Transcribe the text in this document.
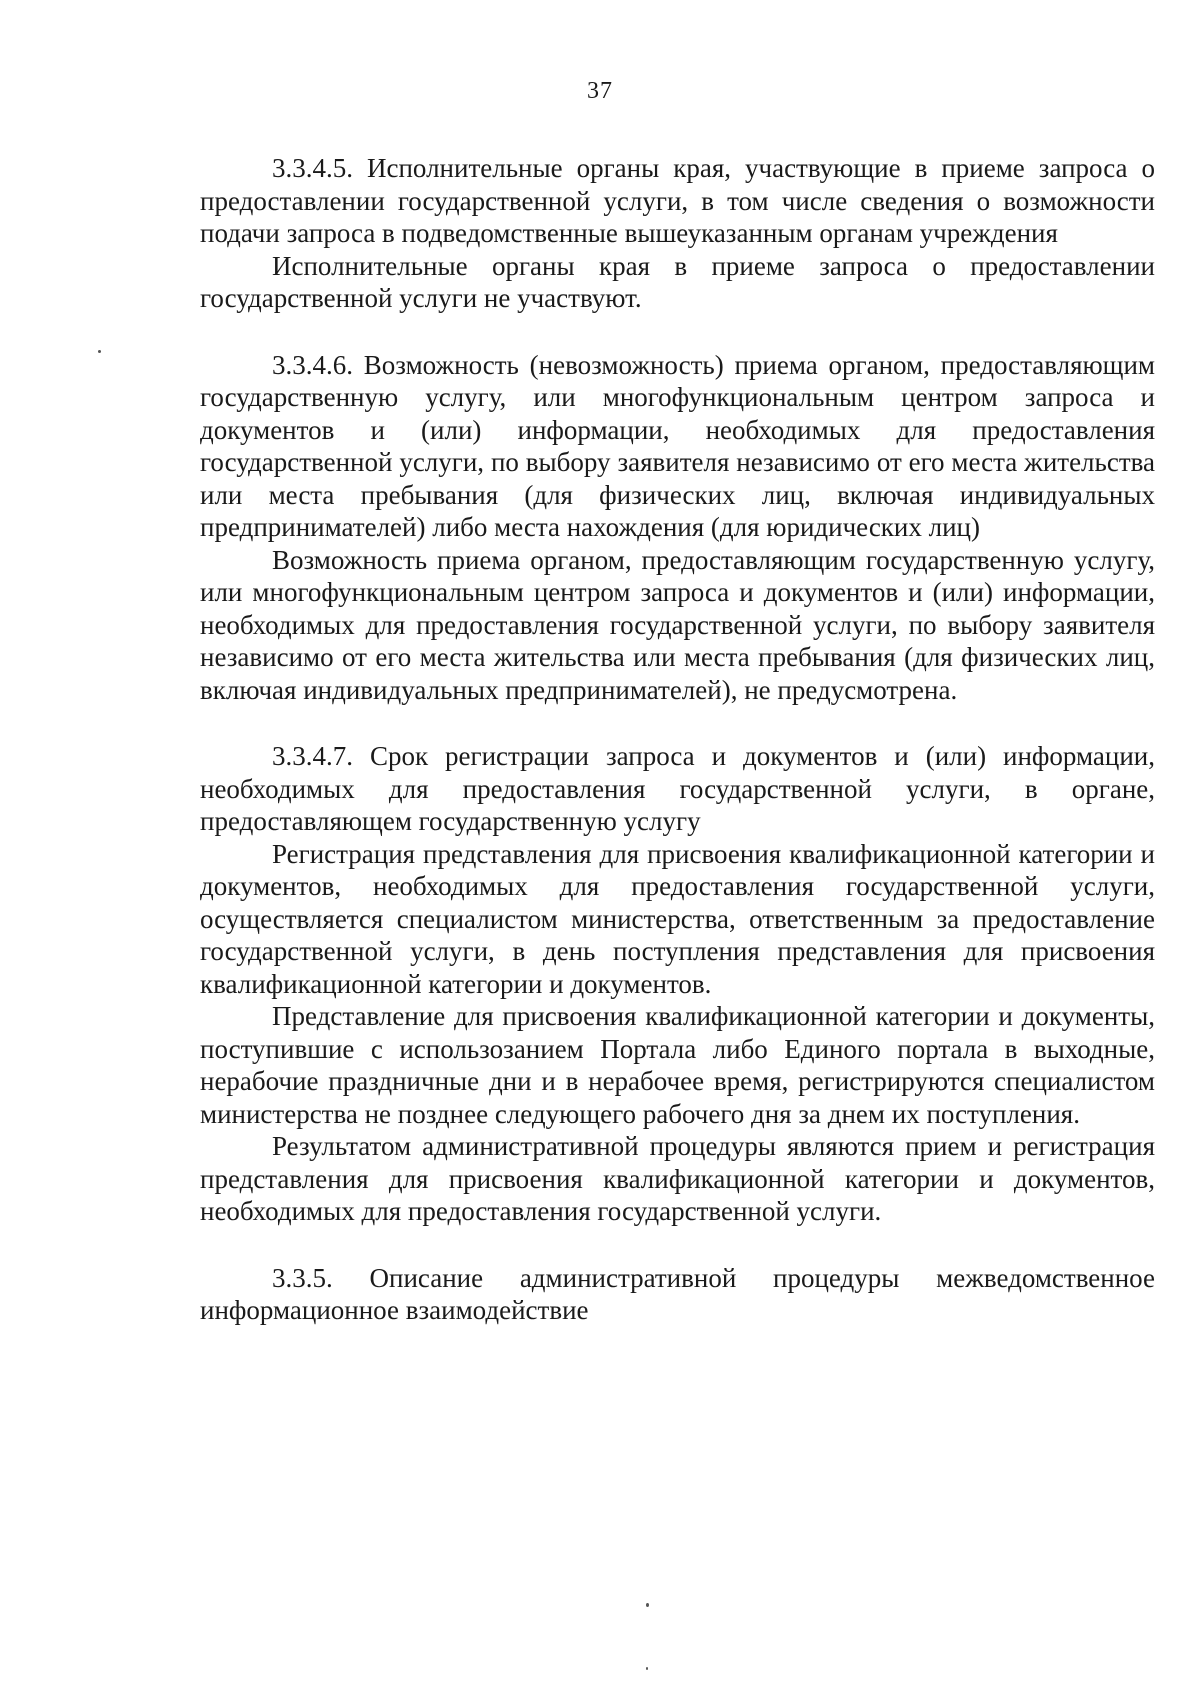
37

3.3.4.5. Исполнительные органы края, участвующие в приеме запроса о предоставлении государственной услуги, в том числе сведения о возможности подачи запроса в подведомственные вышеуказанным органам учреждения

Исполнительные органы края в приеме запроса о предоставлении государственной услуги не участвуют.

3.3.4.6. Возможность (невозможность) приема органом, предоставляющим государственную услугу, или многофункциональным центром запроса и документов и (или) информации, необходимых для предоставления государственной услуги, по выбору заявителя независимо от его места жительства или места пребывания (для физических лиц, включая индивидуальных предпринимателей) либо места нахождения (для юридических лиц)

Возможность приема органом, предоставляющим государственную услугу, или многофункциональным центром запроса и документов и (или) информации, необходимых для предоставления государственной услуги, по выбору заявителя независимо от его места жительства или места пребывания (для физических лиц, включая индивидуальных предпринимателей), не предусмотрена.

3.3.4.7. Срок регистрации запроса и документов и (или) информации, необходимых для предоставления государственной услуги, в органе, предоставляющем государственную услугу

Регистрация представления для присвоения квалификационной категории и документов, необходимых для предоставления государственной услуги, осуществляется специалистом министерства, ответственным за предоставление государственной услуги, в день поступления представления для присвоения квалификационной категории и документов.

Представление для присвоения квалификационной категории и документы, поступившие с использозанием Портала либо Единого портала в выходные, нерабочие праздничные дни и в нерабочее время, регистрируются специалистом министерства не позднее следующего рабочего дня за днем их поступления.

Результатом административной процедуры являются прием и регистрация представления для присвоения квалификационной категории и документов, необходимых для предоставления государственной услуги.

3.3.5. Описание административной процедуры межведомственное информационное взаимодействие
